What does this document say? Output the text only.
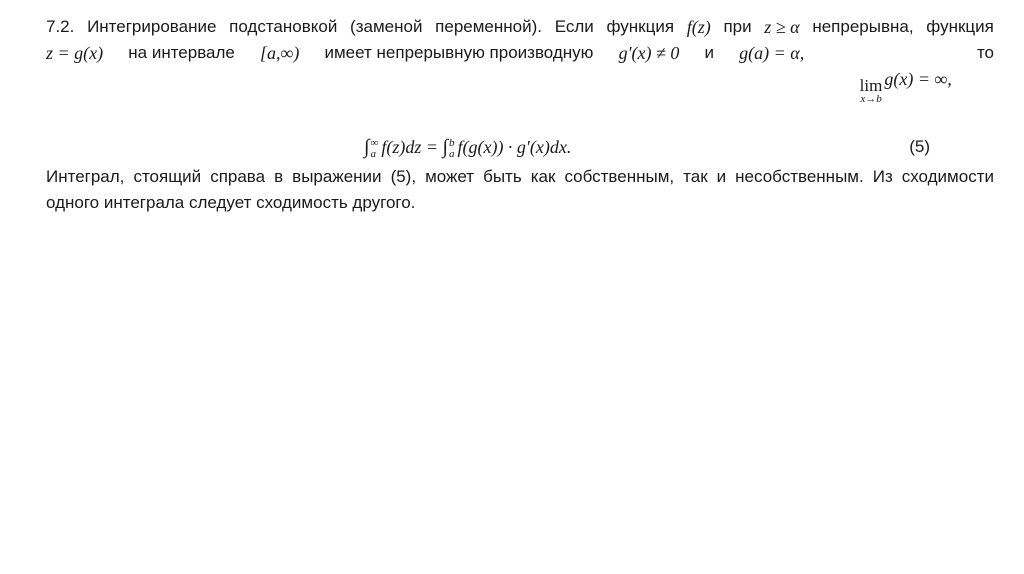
7.2. Интегрирование подстановкой (заменой переменной). Если функция f(z) при z ≥ α непрерывна, функция
z = g(x) на интервале [a,∞) имеет непрерывную производную g′(x) ≠ 0 и g(a) = α,

lim
x→b
g(x) = ∞,

то
∫ ∞
a f(z)dz = ∫ b
a f(g(x)) · g′(x)dx.	(5)
Интеграл, стоящий справа в выражении (5), может быть как собственным, так и несобственным. Из сходимости
одного интеграла следует сходимость другого.
